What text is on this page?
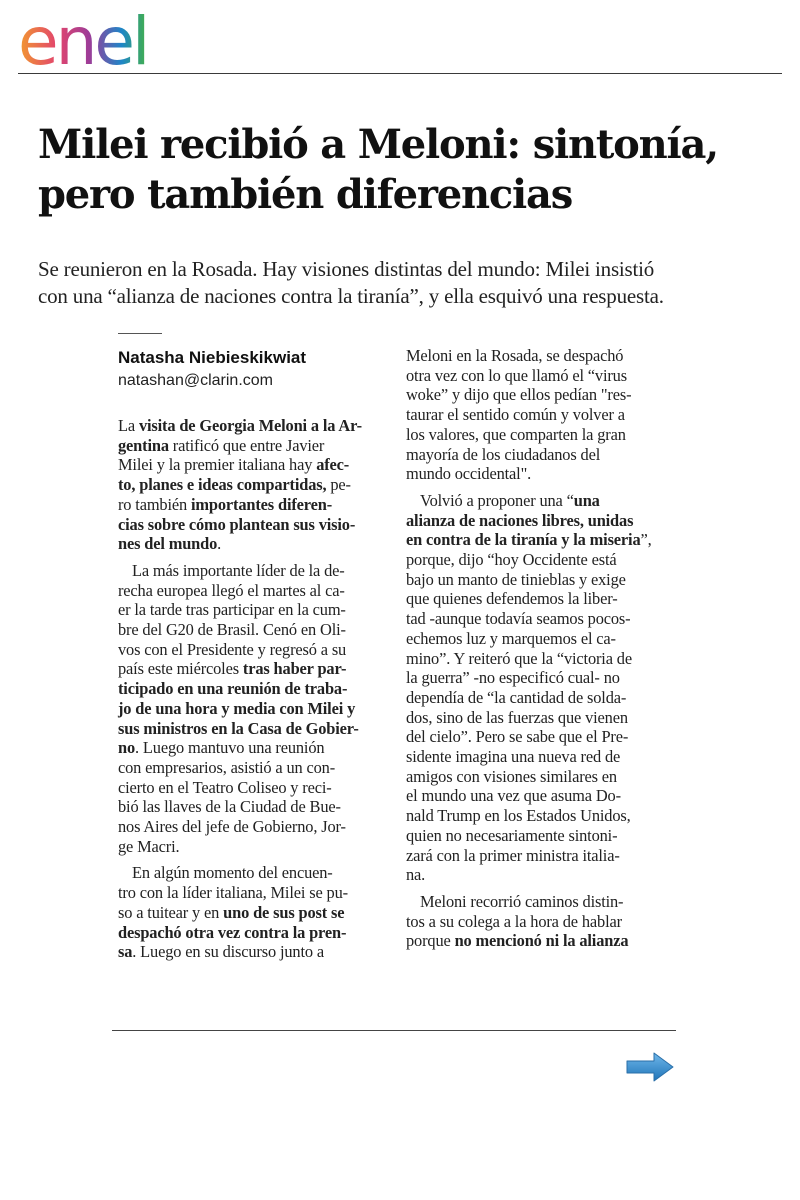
enel
Milei recibió a Meloni: sintonía,
pero también diferencias

Se reunieron en la Rosada. Hay visiones distintas del mundo: Milei insistió
con una “alianza de naciones contra la tiranía”, y ella esquivó una respuesta.

Natasha Niebieskikwiat
natashan@clarin.com

La visita de Georgia Meloni a la Ar-
gentina ratificó que entre Javier
Milei y la premier italiana hay afec-
to, planes e ideas compartidas, pe-
ro también importantes diferen-
cias sobre cómo plantean sus visio-
nes del mundo.

La más importante líder de la de-
recha europea llegó el martes al ca-
er la tarde tras participar en la cum-
bre del G20 de Brasil. Cenó en Oli-
vos con el Presidente y regresó a su
país este miércoles tras haber par-
ticipado en una reunión de traba-
jo de una hora y media con Milei y
sus ministros en la Casa de Gobier-
no. Luego mantuvo una reunión
con empresarios, asistió a un con-
cierto en el Teatro Coliseo y reci-
bió las llaves de la Ciudad de Bue-
nos Aires del jefe de Gobierno, Jor-
ge Macri.

En algún momento del encuen-
tro con la líder italiana, Milei se pu-
so a tuitear y en uno de sus post se
despachó otra vez contra la pren-
sa. Luego en su discurso junto a

Meloni en la Rosada, se despachó
otra vez con lo que llamó el “virus
woke” y dijo que ellos pedían "res-
taurar el sentido común y volver a
los valores, que comparten la gran
mayoría de los ciudadanos del
mundo occidental".

Volvió a proponer una “una
alianza de naciones libres, unidas
en contra de la tiranía y la miseria”,
porque, dijo “hoy Occidente está
bajo un manto de tinieblas y exige
que quienes defendemos la liber-
tad -aunque todavía seamos pocos-
echemos luz y marquemos el ca-
mino”. Y reiteró que la “victoria de
la guerra” -no especificó cual- no
dependía de “la cantidad de solda-
dos, sino de las fuerzas que vienen
del cielo”. Pero se sabe que el Pre-
sidente imagina una nueva red de
amigos con visiones similares en
el mundo una vez que asuma Do-
nald Trump en los Estados Unidos,
quien no necesariamente sintoni-
zará con la primer ministra italia-
na.

Meloni recorrió caminos distin-
tos a su colega a la hora de hablar
porque no mencionó ni la alianza
